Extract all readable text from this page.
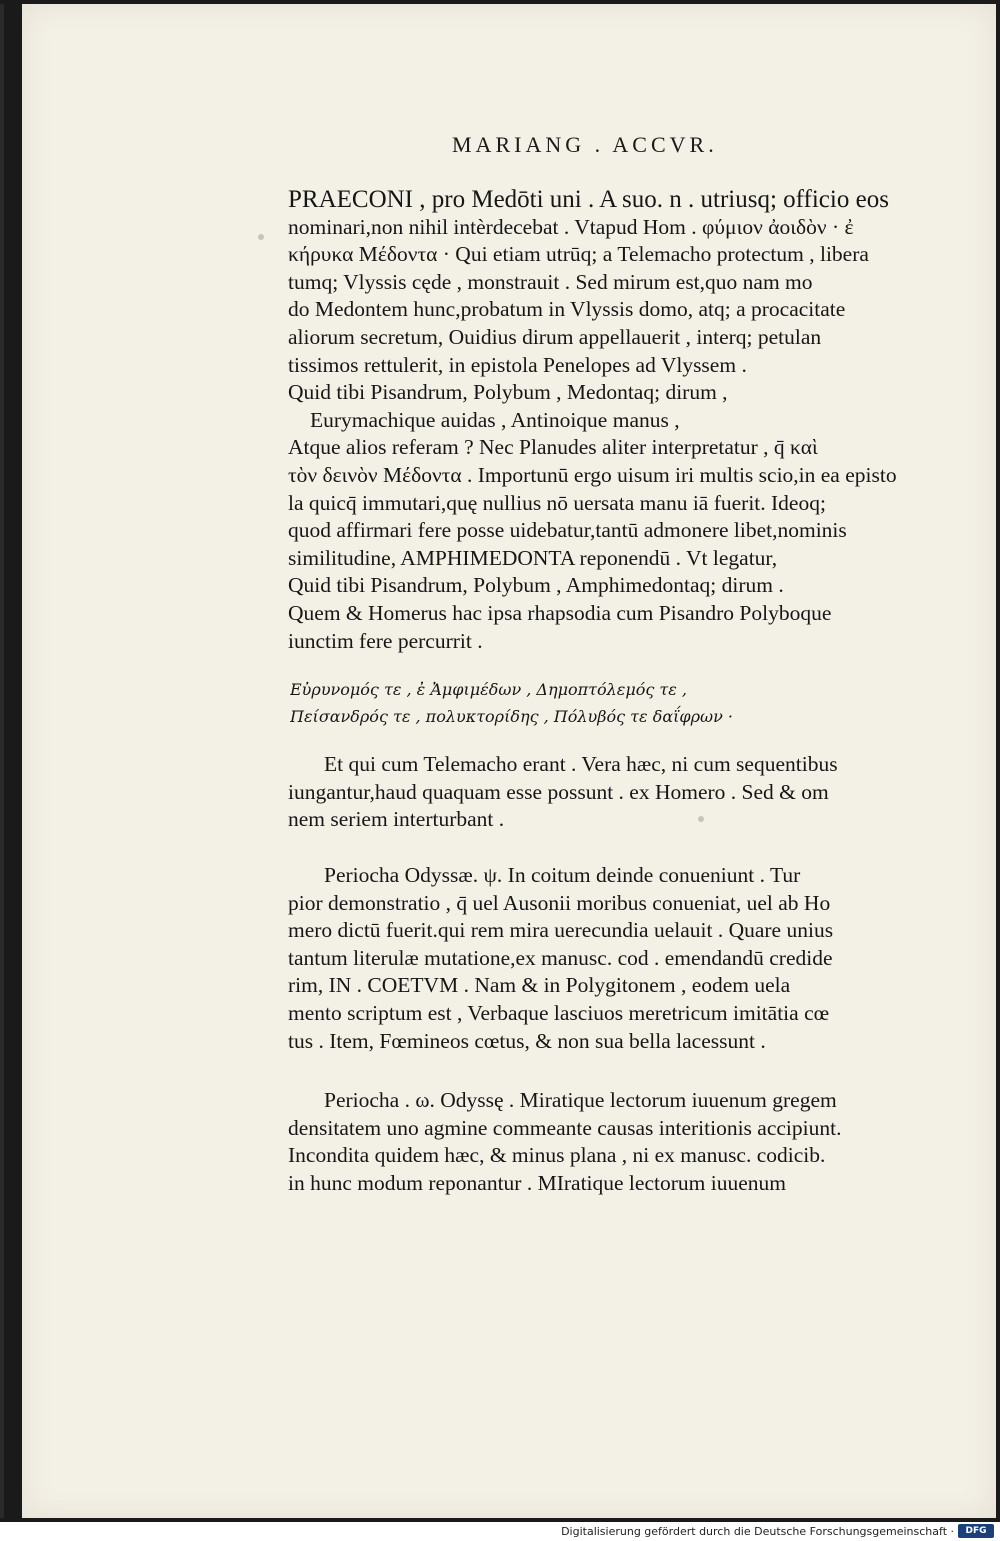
MARIANG . ACCVR.
PRAECONI , pro Medōti uni . A suo. n . utriusq; officio eos
nominari,non nihil intèrdecebat . Vtapud Hom . φύμιον ἀοιδὸν · ἐ
κήρυκα Μέδοντα · Qui etiam utrūq; a Telemacho protectum , libera
tumq; Vlyssis cęde , monstrauit . Sed mirum est,quo nam mo
do Medontem hunc,probatum in Vlyssis domo, atq; a procacitate
aliorum secretum, Ouidius dirum appellauerit , interq; petulan
tissimos rettulerit, in epistola Penelopes ad Vlyssem .
Quid tibi Pisandrum, Polybum , Medontaq; dirum ,
Eurymachique auidas , Antinoique manus ,
Atque alios referam ? Nec Planudes aliter interpretatur , q̄ καὶ
τὸν δεινὸν Μέδοντα . Importunū ergo uisum iri multis scio,in ea episto
la quicq̄ immutari,quę nullius nō uersata manu iā fuerit. Ideoq;
quod affirmari fere posse uidebatur,tantū admonere libet,nominis
similitudine, AMPHIMEDONTA reponendū . Vt legatur,
Quid tibi Pisandrum, Polybum , Amphimedontaq; dirum .
Quem & Homerus hac ipsa rhapsodia cum Pisandro Polyboque
iunctim fere percurrit .
Εὐρυνομός τε , ἐ Ἀμφιμέδων , Δημοπτόλεμός τε ,
Πείσανδρός τε , πολυκτορίδης , Πόλυβός τε δαΐφρων ·
Et qui cum Telemacho erant . Vera hæc, ni cum sequentibus
iungantur,haud quaquam esse possunt . ex Homero . Sed & om
nem seriem interturbant .
Periocha Odyssæ. ψ. In coitum deinde conueniunt . Tur
pior demonstratio , q̄ uel Ausonii moribus conueniat, uel ab Ho
mero dictū fuerit.qui rem mira uerecundia uelauit . Quare unius
tantum literulæ mutatione,ex manusc. cod . emendandū credide
rim, IN . COETVM . Nam & in Polygitonem , eodem uela
mento scriptum est , Verbaque lasciuos meretricum imitātia cœ
tus . Item, Fœmineos cœtus, & non sua bella lacessunt .
Periocha . ω. Odyssę . Miratique lectorum iuuenum gregem
densitatem uno agmine commeante causas interitionis accipiunt.
Incondita quidem hæc, & minus plana , ni ex manusc. codicib.
in hunc modum reponantur . MIratique lectorum iuuenum
Digitalisierung gefördert durch die Deutsche Forschungsgemeinschaft ·	DFG
